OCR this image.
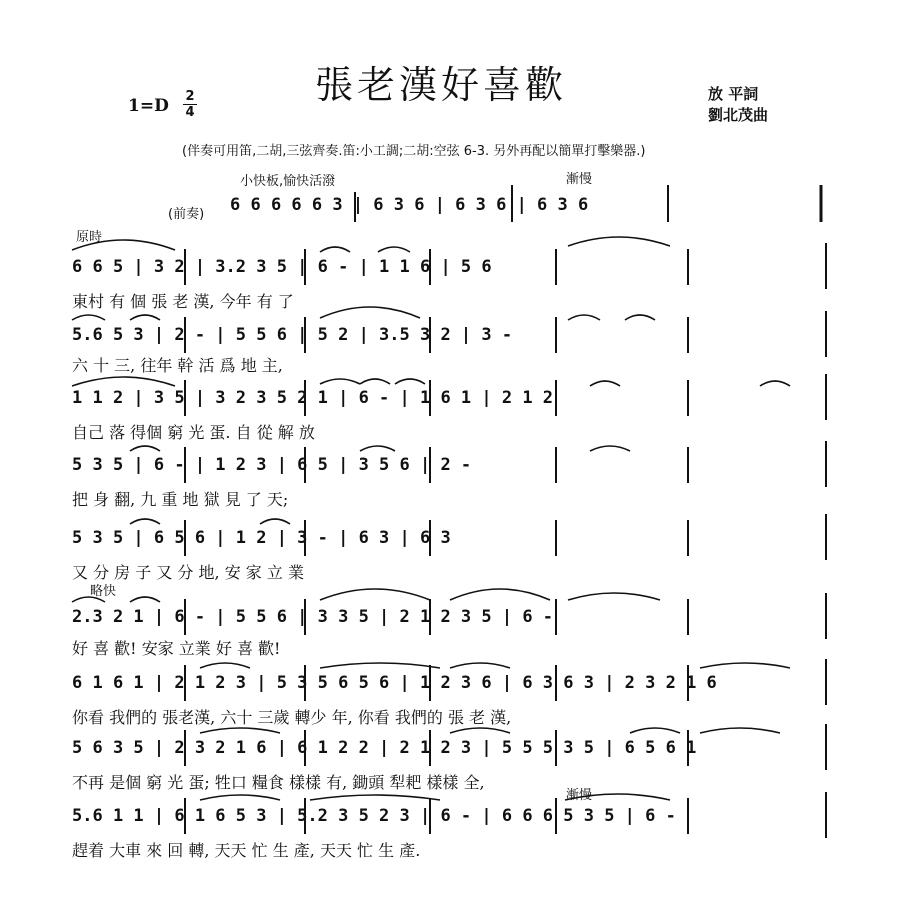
張老漢好喜歡	放 平詞
劉北茂曲
1=D 2
4
(伴奏可用笛,二胡,三弦齊奏.笛:小工調;二胡:空弦 6-3. 另外再配以簡單打擊樂器.)
小快板,愉快活潑	漸慢
(前奏) 6 6 6 6 6 3 | 6 3 6 | 6 3 6 | 6 3 6
6 6 5 | 3 2 | 3.2 3 5 | 6 - | 1 1 6 | 5 6
東村 有 個 張 老 漢, 今年 有 了
原時
5.6 5 3 | 2 - | 5 5 6 | 5 2 | 3.5 3 2 | 3 -
六 十 三, 往年 幹 活 爲 地 主,
1 1 2 | 3 5 | 3 2 3 5 2 1 | 6 - | 1 6 1 | 2 1 2
自己 落 得個 窮 光 蛋. 自 從 解 放
5 3 5 | 6 - | 1 2 3 | 6 5 | 3 5 6 | 2 -
把 身 翻, 九 重 地 獄 見 了 天;
5 3 5 | 6 5 6 | 1 2 | 3 - | 6 3 | 6 3
又 分 房 子 又 分 地, 安 家 立 業
2.3 2 1 | 6 - | 5 5 6 | 3 3 5 | 2 1 2 3 5 | 6 -
好 喜 歡! 安家 立業 好 喜 歡!
略快
6 1 6 1 | 2 1 2 3 | 5 3 5 6 5 6 | 1 2 3 6 | 6 3 6 3 | 2 3 2 1 6
你看 我們的 張老漢, 六十 三歲 轉少 年, 你看 我們的 張 老 漢,
5 6 3 5 | 2 3 2 1 6 | 6 1 2 2 | 2 1 2 3 | 5 5 5 3 5 | 6 5 6 1
不再 是個 窮 光 蛋; 牲口 糧食 樣樣 有, 鋤頭 犁耙 樣樣 全,
5.6 1 1 | 6 1 6 5 3 | 5.2 3 5 2 3 | 6 - | 6 6 6 5 3 5 | 6 -
趕着 大車 來 回 轉, 天天 忙 生 產, 天天 忙 生 產.
漸慢
